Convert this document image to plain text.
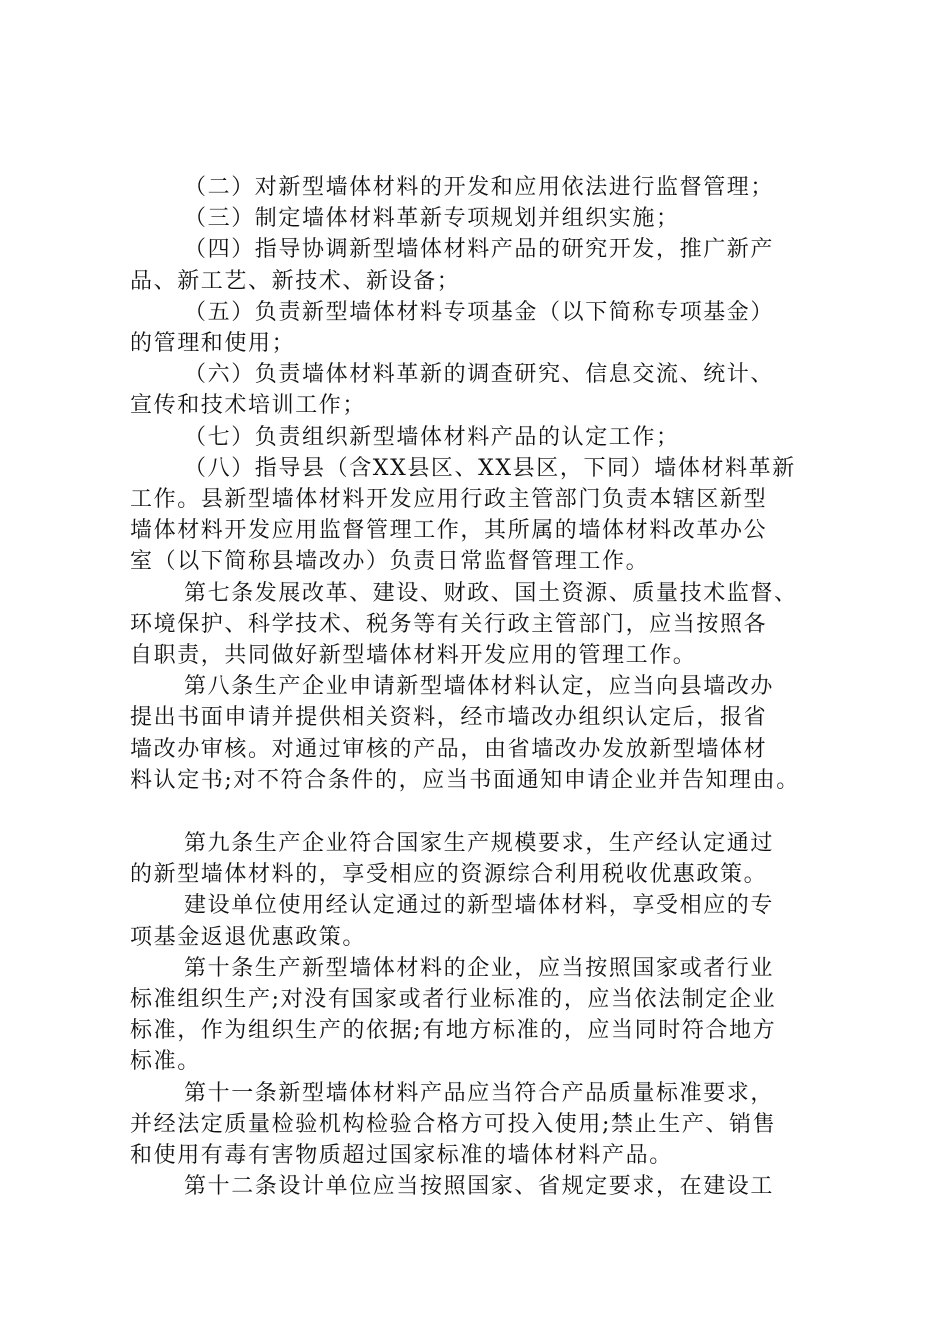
（二）对新型墙体材料的开发和应用依法进行监督管理；

（三）制定墙体材料革新专项规划并组织实施；

（四）指导协调新型墙体材料产品的研究开发，推广新产
品、新工艺、新技术、新设备；

（五）负责新型墙体材料专项基金（以下简称专项基金）
的管理和使用；

（六）负责墙体材料革新的调查研究、信息交流、统计、
宣传和技术培训工作；

（七）负责组织新型墙体材料产品的认定工作；

（八）指导县（含XX县区、XX县区，下同）墙体材料革新
工作。县新型墙体材料开发应用行政主管部门负责本辖区新型
墙体材料开发应用监督管理工作，其所属的墙体材料改革办公
室（以下简称县墙改办）负责日常监督管理工作。

第七条发展改革、建设、财政、国土资源、质量技术监督、
环境保护、科学技术、税务等有关行政主管部门，应当按照各
自职责，共同做好新型墙体材料开发应用的管理工作。

第八条生产企业申请新型墙体材料认定，应当向县墙改办
提出书面申请并提供相关资料，经市墙改办组织认定后，报省
墙改办审核。对通过审核的产品，由省墙改办发放新型墙体材
料认定书;对不符合条件的，应当书面通知申请企业并告知理由。

第九条生产企业符合国家生产规模要求，生产经认定通过
的新型墙体材料的，享受相应的资源综合利用税收优惠政策。

建设单位使用经认定通过的新型墙体材料，享受相应的专
项基金返退优惠政策。

第十条生产新型墙体材料的企业，应当按照国家或者行业
标准组织生产;对没有国家或者行业标准的，应当依法制定企业
标准，作为组织生产的依据;有地方标准的，应当同时符合地方
标准。

第十一条新型墙体材料产品应当符合产品质量标准要求，
并经法定质量检验机构检验合格方可投入使用;禁止生产、销售
和使用有毒有害物质超过国家标准的墙体材料产品。

第十二条设计单位应当按照国家、省规定要求，在建设工
